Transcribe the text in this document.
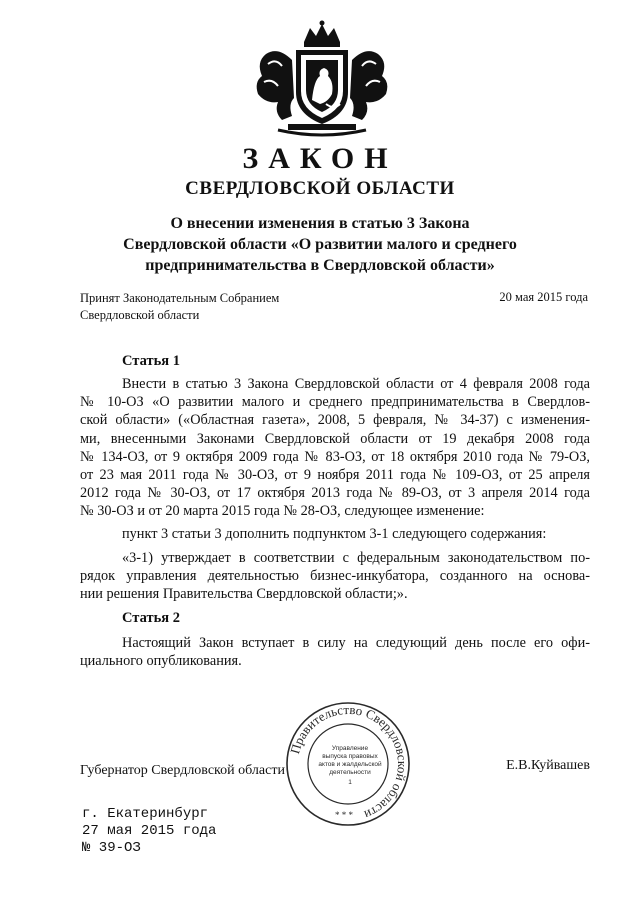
ЗАКОН
СВЕРДЛОВСКОЙ ОБЛАСТИ
О внесении изменения в статью 3 Закона
Свердловской области «О развитии малого и среднего
предпринимательства в Свердловской области»
Принят Законодательным Собранием
Свердловской области
20 мая 2015 года
Статья 1
Внести в статью 3 Закона Свердловской области от 4 февраля 2008 года
№ 10-ОЗ «О развитии малого и среднего предпринимательства в Свердлов-
ской области» («Областная газета», 2008, 5 февраля, № 34-37) с изменения-
ми, внесенными Законами Свердловской области от 19 декабря 2008 года
№ 134-ОЗ, от 9 октября 2009 года № 83-ОЗ, от 18 октября 2010 года № 79-ОЗ,
от 23 мая 2011 года № 30-ОЗ, от 9 ноября 2011 года № 109-ОЗ, от 25 апреля
2012 года № 30-ОЗ, от 17 октября 2013 года № 89-ОЗ, от 3 апреля 2014 года
№ 30-ОЗ и от 20 марта 2015 года № 28-ОЗ, следующее изменение:
пункт 3 статьи 3 дополнить подпунктом 3-1 следующего содержания:
«3-1) утверждает в соответствии с федеральным законодательством по-
рядок управления деятельностью бизнес-инкубатора, созданного на основа-
нии решения Правительства Свердловской области;».
Статья 2
Настоящий Закон вступает в силу на следующий день после его офи-
циального опубликования.
Губернатор Свердловской области	Е.В.Куйвашев
Правительство Свердловской области
Управление
выпуска правовых
актов и жалдельской
деятельности
1
* * *
г. Екатеринбург
27 мая 2015 года
№ 39-ОЗ
